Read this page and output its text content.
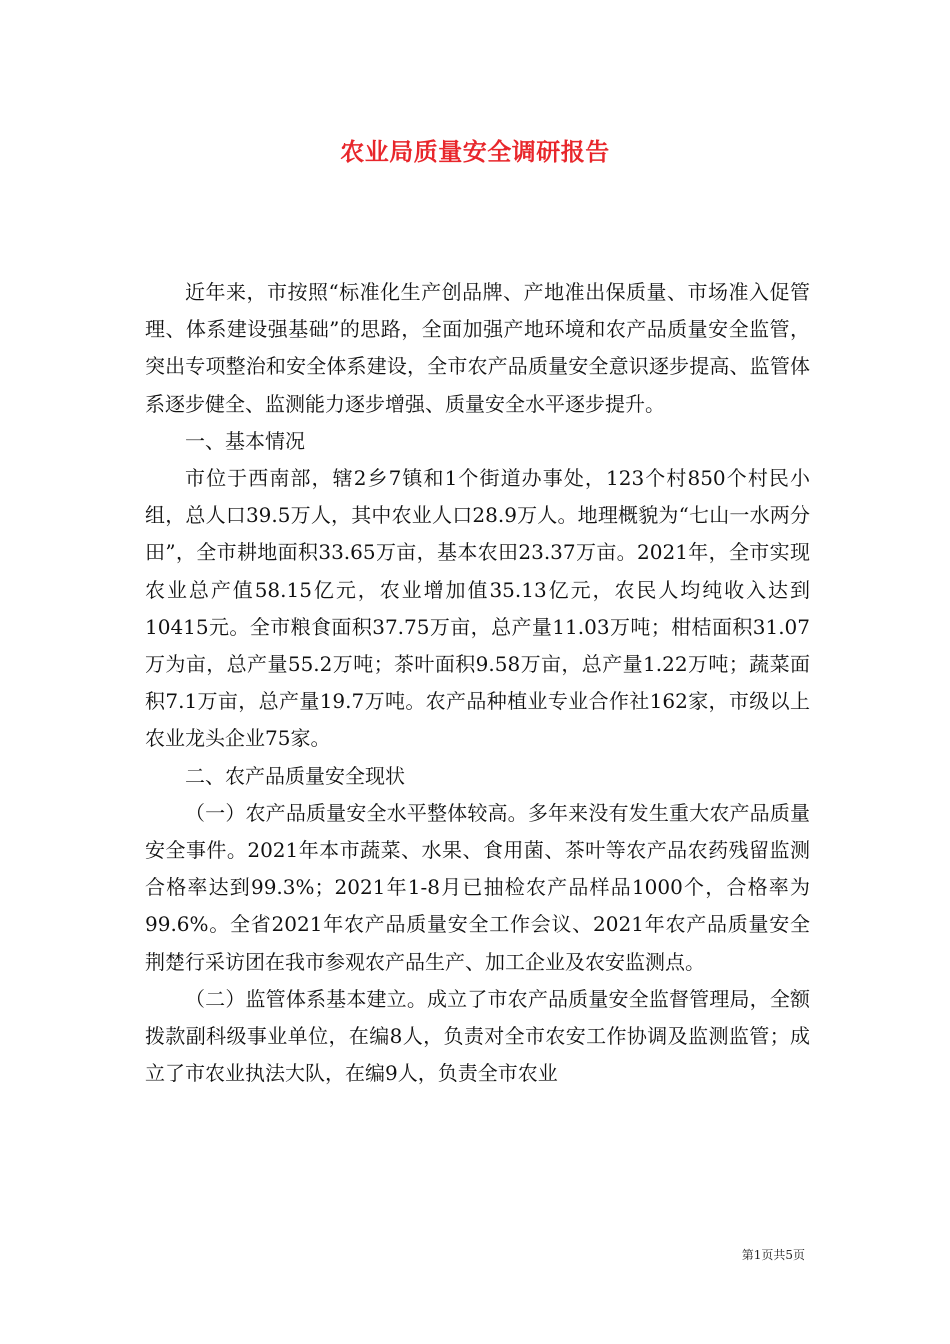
农业局质量安全调研报告

近年来，市按照“标准化生产创品牌、产地准出保质量、市场准入促管理、体系建设强基础”的思路，全面加强产地环境和农产品质量安全监管，突出专项整治和安全体系建设，全市农产品质量安全意识逐步提高、监管体系逐步健全、监测能力逐步增强、质量安全水平逐步提升。

一、基本情况

市位于西南部，辖2乡7镇和1个街道办事处，123个村850个村民小组，总人口39.5万人，其中农业人口28.9万人。地理概貌为“七山一水两分田”，全市耕地面积33.65万亩，基本农田23.37万亩。2021年，全市实现农业总产值58.15亿元，农业增加值35.13亿元，农民人均纯收入达到10415元。全市粮食面积37.75万亩，总产量11.03万吨；柑桔面积31.07万为亩，总产量55.2万吨；茶叶面积9.58万亩，总产量1.22万吨；蔬菜面积7.1万亩，总产量19.7万吨。农产品种植业专业合作社162家，市级以上农业龙头企业75家。

二、农产品质量安全现状

（一）农产品质量安全水平整体较高。多年来没有发生重大农产品质量安全事件。2021年本市蔬菜、水果、食用菌、茶叶等农产品农药残留监测合格率达到99.3%；2021年1-8月已抽检农产品样品1000个，合格率为99.6%。全省2021年农产品质量安全工作会议、2021年农产品质量安全荆楚行采访团在我市参观农产品生产、加工企业及农安监测点。

（二）监管体系基本建立。成立了市农产品质量安全监督管理局，全额拨款副科级事业单位，在编8人，负责对全市农安工作协调及监测监管；成立了市农业执法大队，在编9人，负责全市农业

第1页共5页
